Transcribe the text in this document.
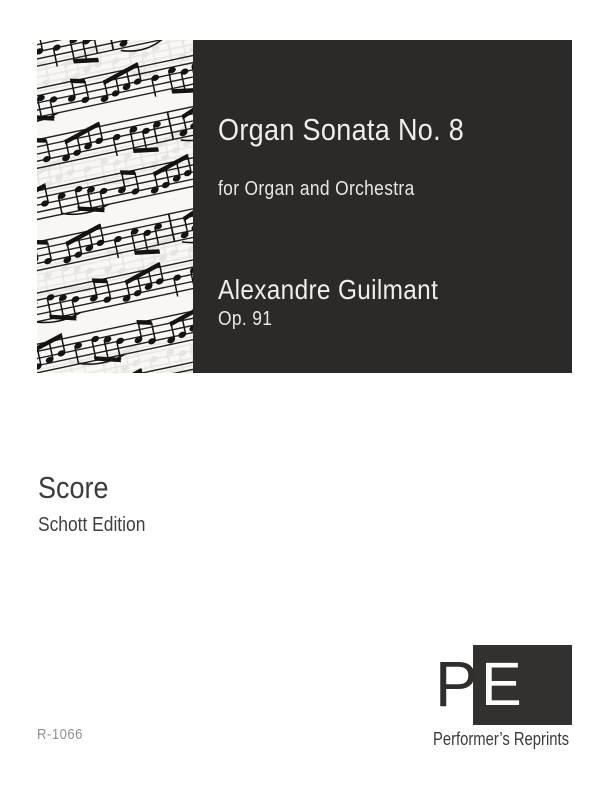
Organ Sonata No. 8
for Organ and Orchestra
Alexandre Guilmant
Op. 91
Score
Schott Edition
R-1066
P E
Performer’s Reprints
